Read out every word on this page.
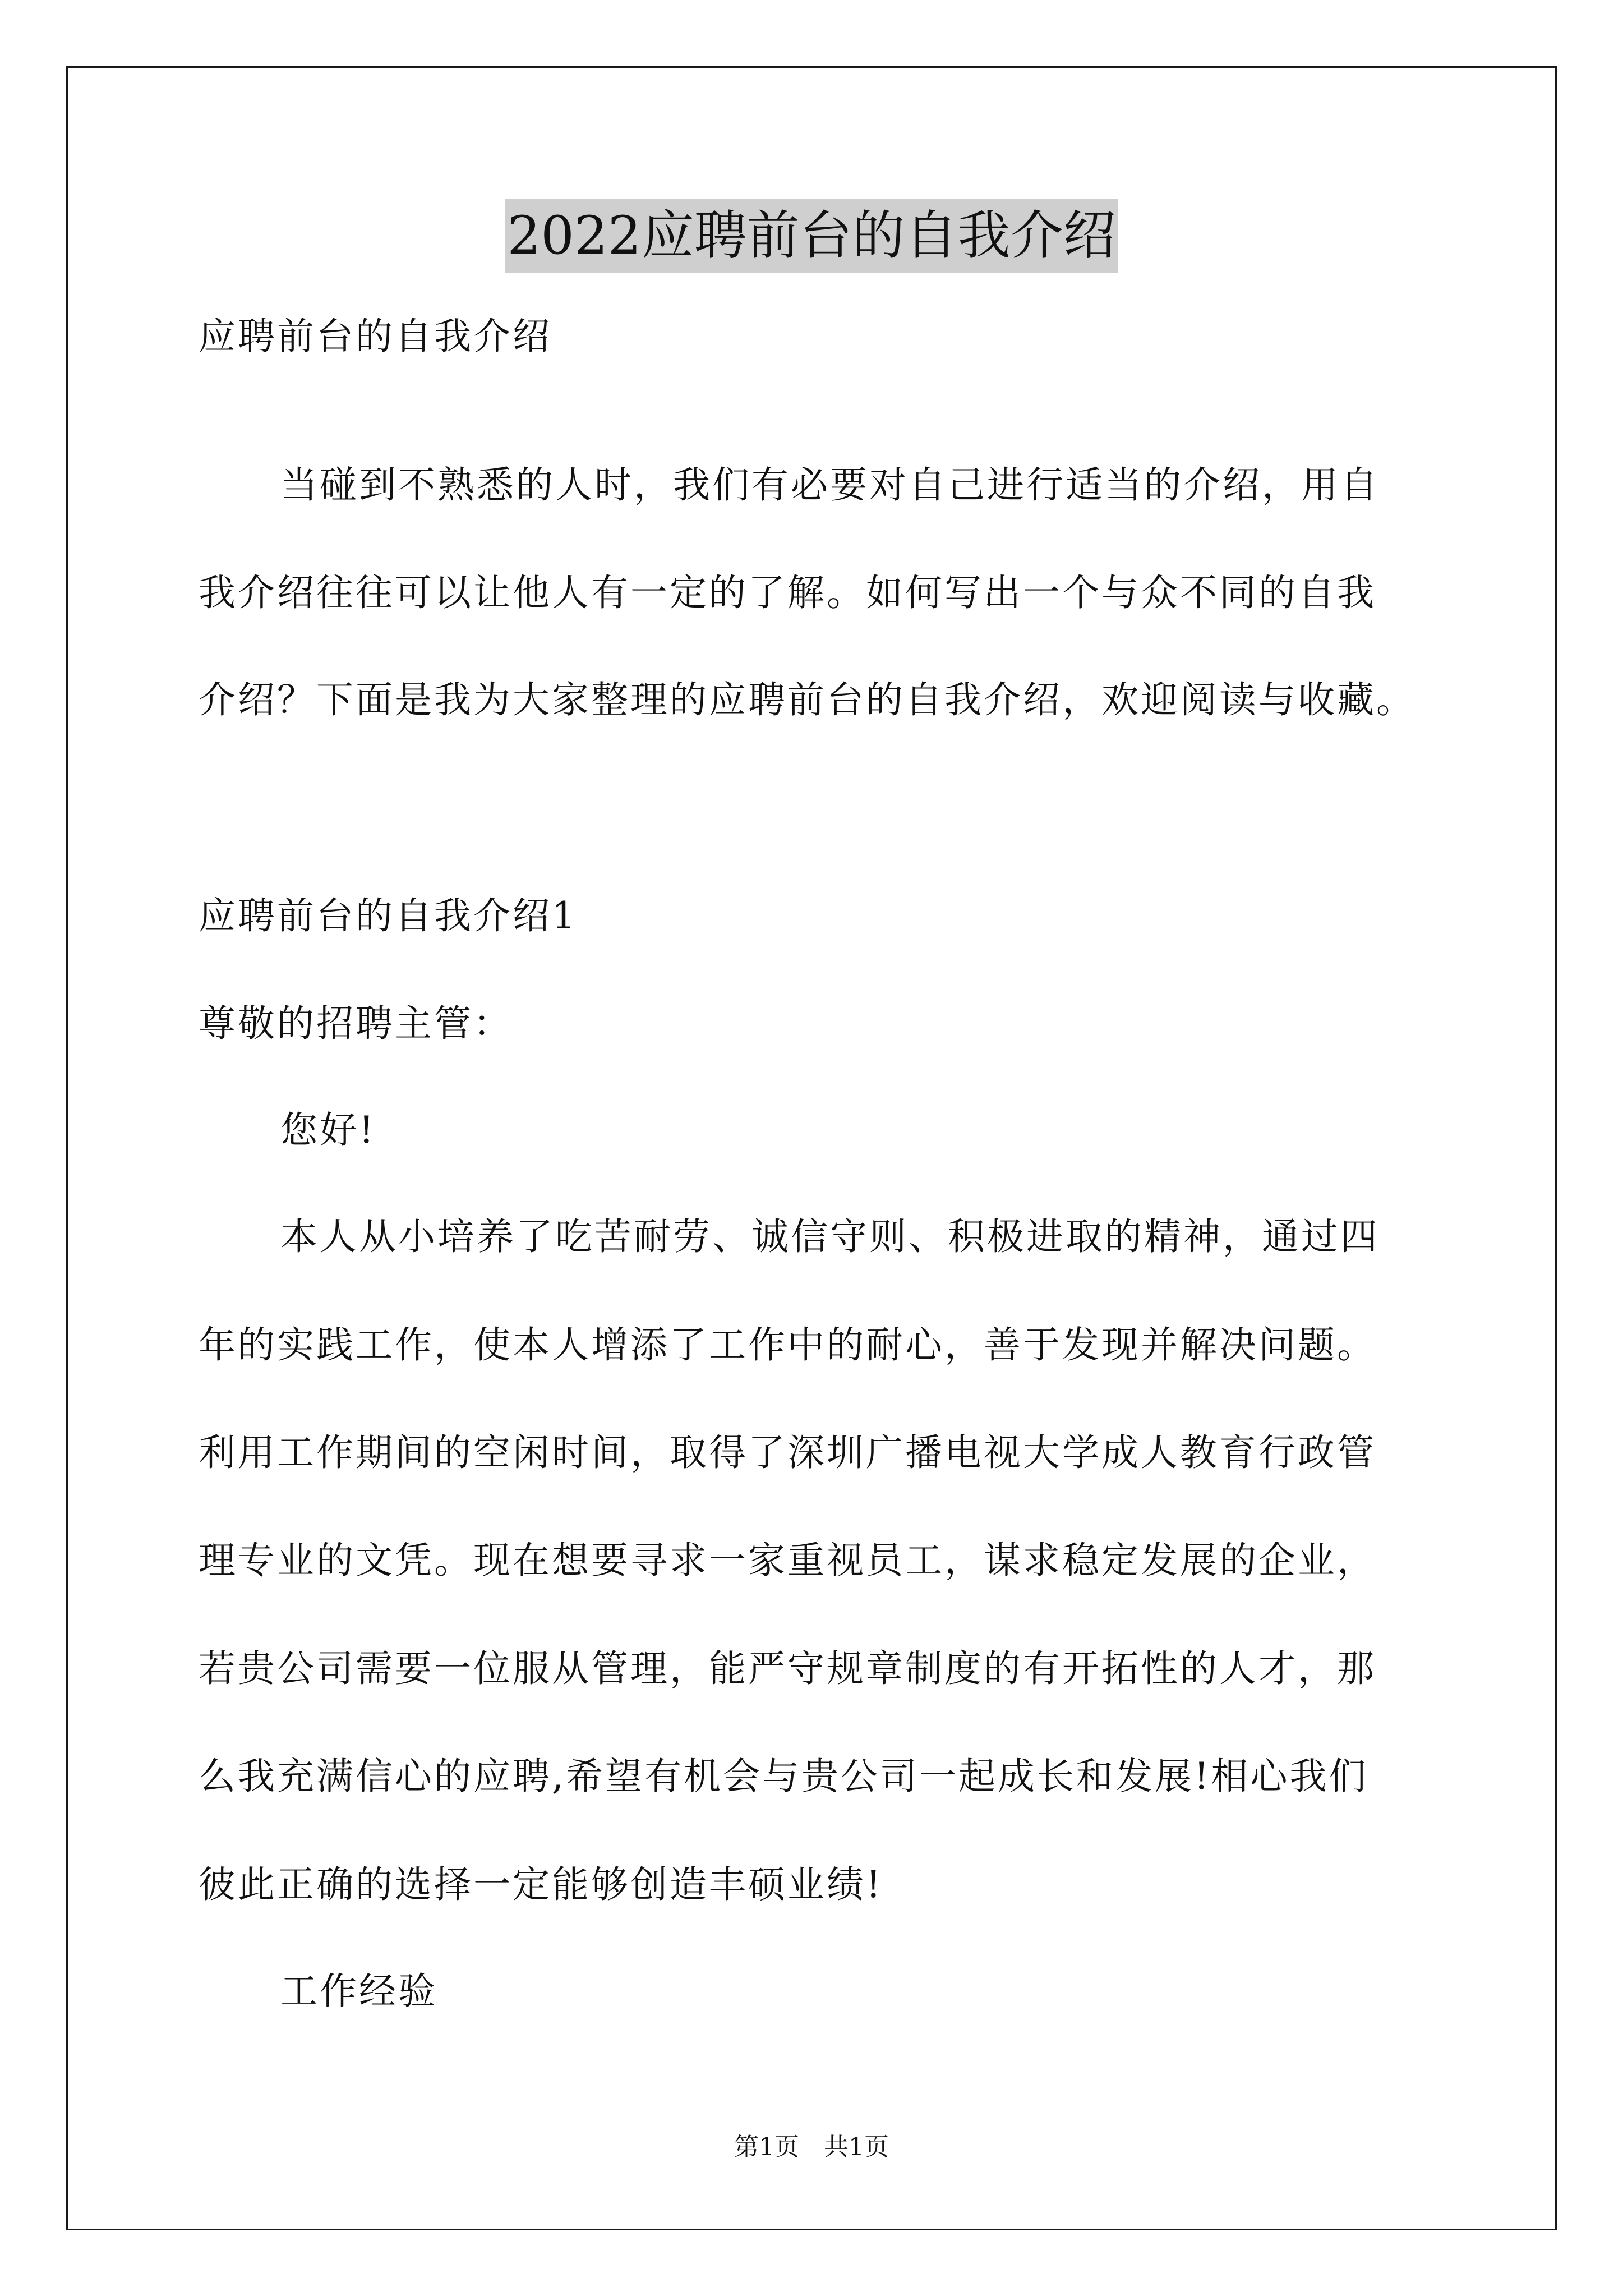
2022应聘前台的自我介绍
应聘前台的自我介绍
当碰到不熟悉的人时，我们有必要对自己进行适当的介绍，用自
我介绍往往可以让他人有一定的了解。如何写出一个与众不同的自我
介绍？下面是我为大家整理的应聘前台的自我介绍，欢迎阅读与收藏。
应聘前台的自我介绍1
尊敬的招聘主管：
您好!
本人从小培养了吃苦耐劳、诚信守则、积极进取的精神，通过四
年的实践工作，使本人增添了工作中的耐心，善于发现并解决问题。
利用工作期间的空闲时间，取得了深圳广播电视大学成人教育行政管
理专业的文凭。现在想要寻求一家重视员工，谋求稳定发展的企业，
若贵公司需要一位服从管理，能严守规章制度的有开拓性的人才，那
么我充满信心的应聘,希望有机会与贵公司一起成长和发展!相心我们
彼此正确的选择一定能够创造丰硕业绩!
工作经验
第1页　共1页
